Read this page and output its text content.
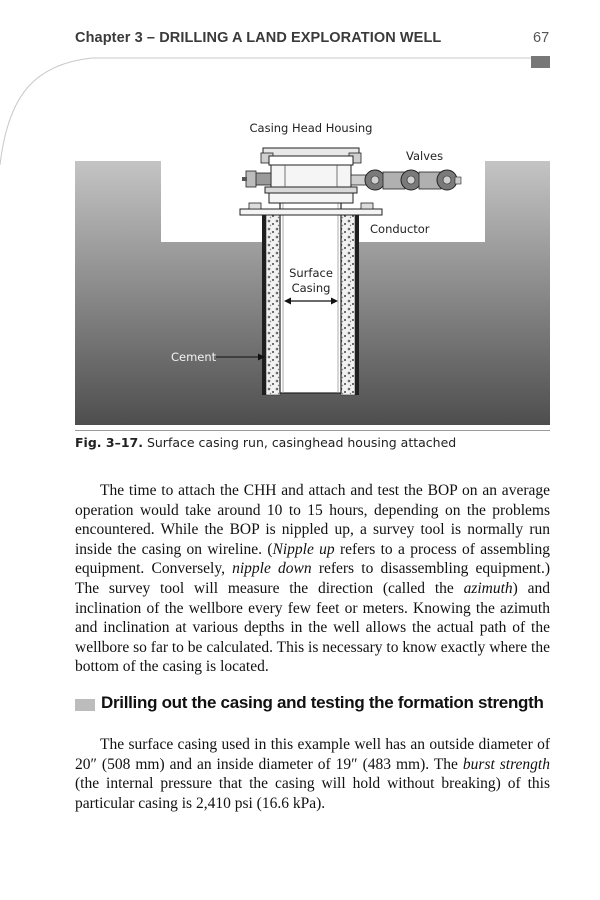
Chapter 3 – DRILLING A LAND EXPLORATION WELL	67
Casing Head Housing
Valves
Conductor
Surface
Casing
Cement
Fig. 3–17. Surface casing run, casinghead housing attached

The time to attach the CHH and attach and test the BOP on an average operation would take around 10 to 15 hours, depending on the problems encountered. While the BOP is nippled up, a survey tool is normally run inside the casing on wireline. (Nipple up refers to a process of assembling equipment. Conversely, nipple down refers to disassembling equipment.) The survey tool will measure the direction (called the azimuth) and inclination of the wellbore every few feet or meters. Knowing the azimuth and inclination at various depths in the well allows the actual path of the wellbore so far to be calculated. This is necessary to know exactly where the bottom of the casing is located.

Drilling out the casing and testing the formation strength

The surface casing used in this example well has an outside diameter of 20″ (508 mm) and an inside diameter of 19″ (483 mm). The burst strength (the internal pressure that the casing will hold without breaking) of this particular casing is 2,410 psi (16.6 kPa).
